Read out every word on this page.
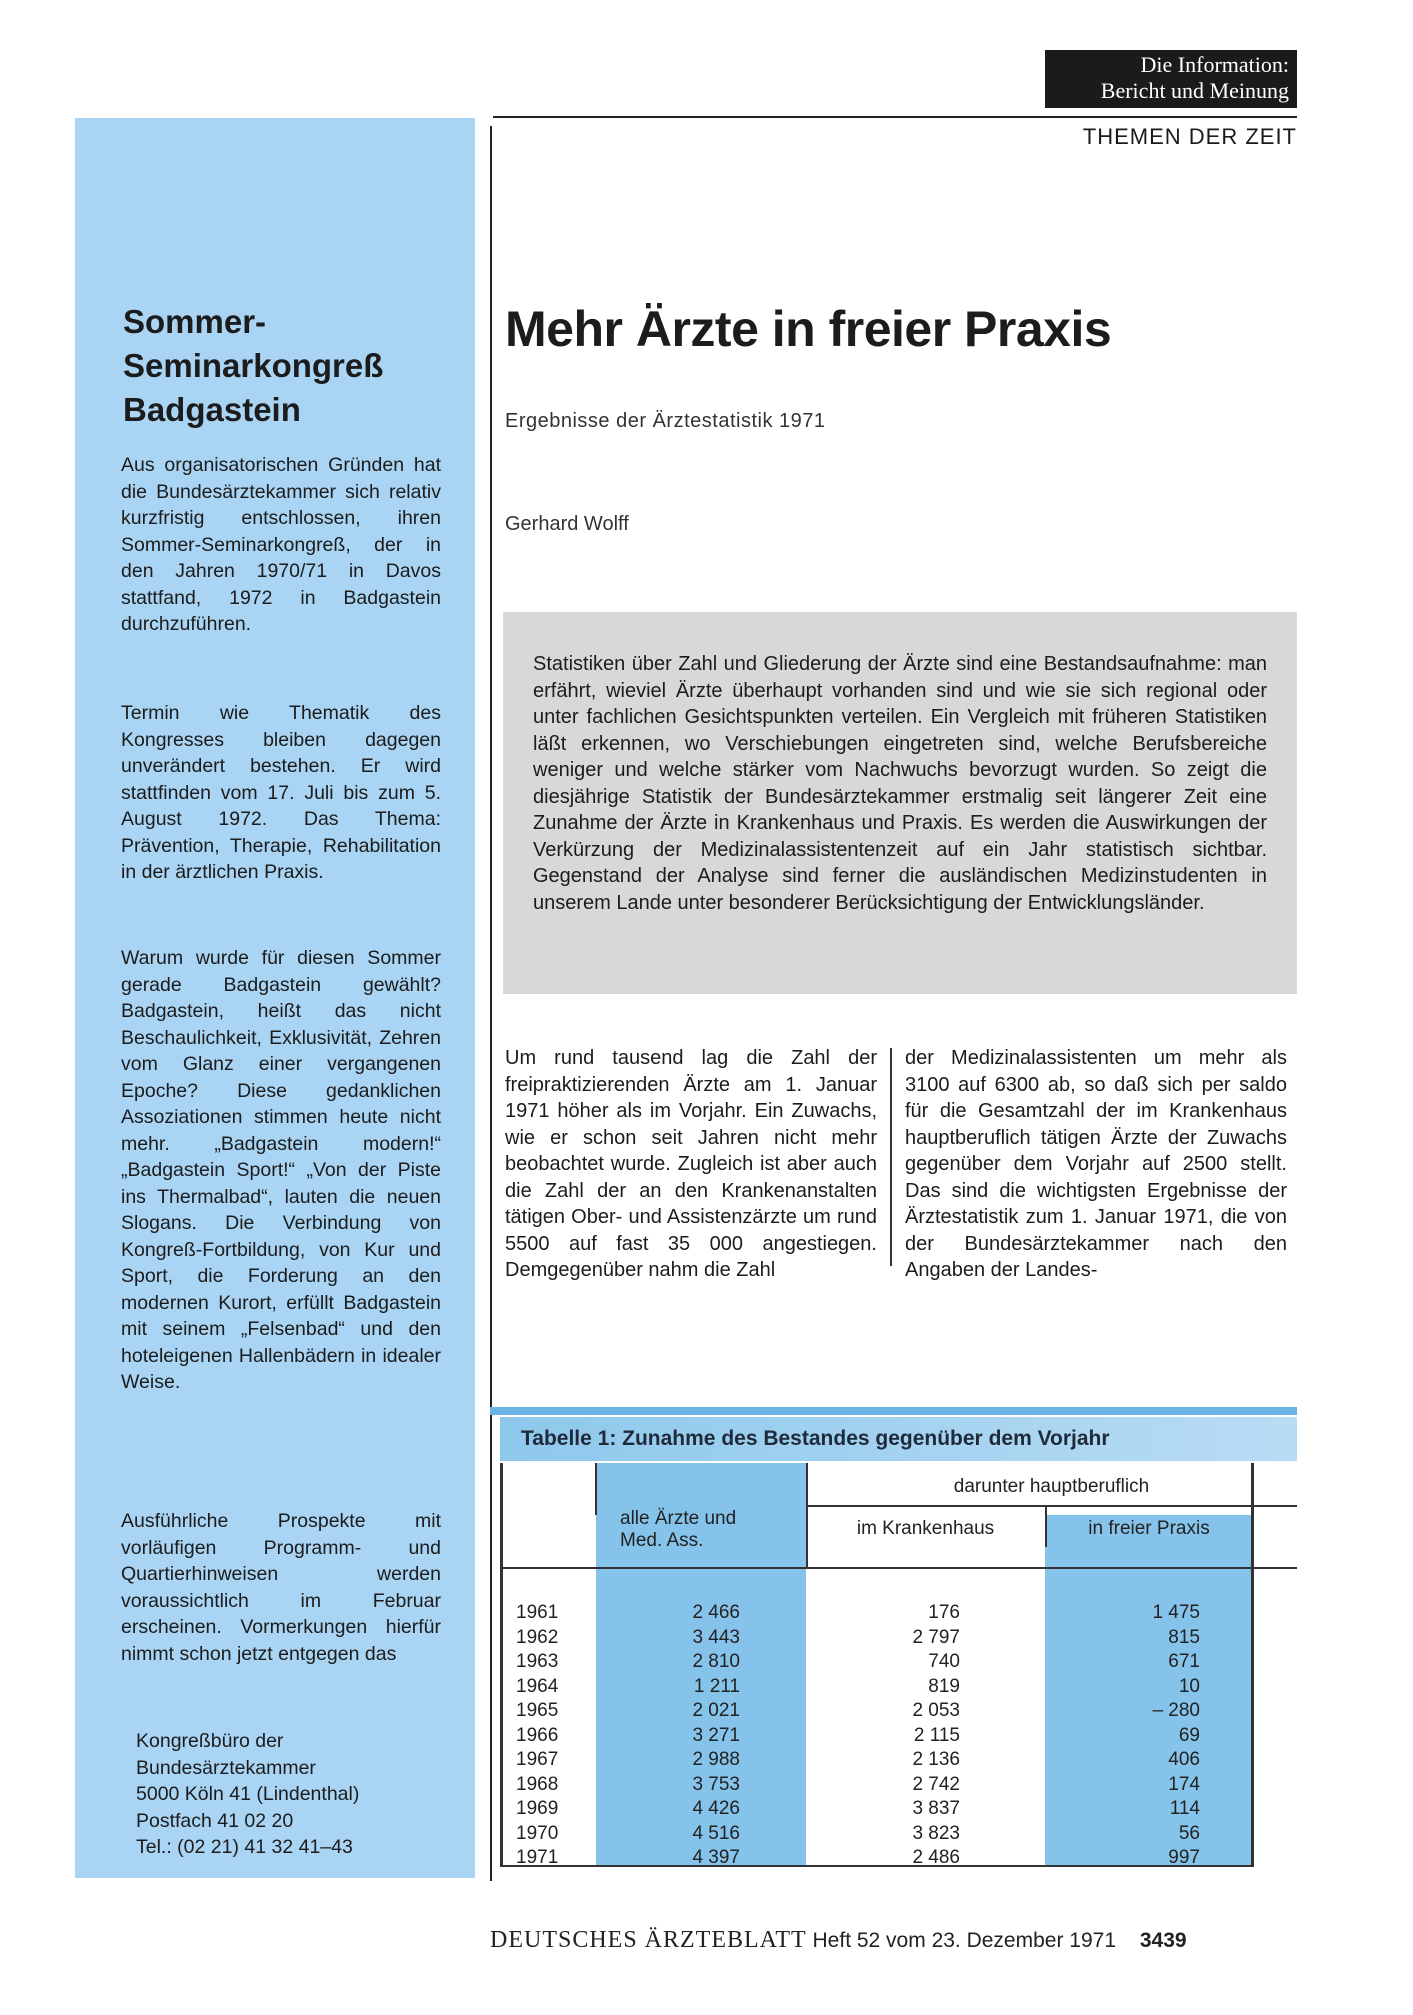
Die Information:
Bericht und Meinung
THEMEN DER ZEIT
Sommer-Seminarkongreß Badgastein
Aus organisatorischen Gründen hat die Bundesärztekammer sich relativ kurzfristig entschlossen, ihren Sommer-Seminarkongreß, der in den Jahren 1970/71 in Davos stattfand, 1972 in Badgastein durchzuführen.
Termin wie Thematik des Kongresses bleiben dagegen unverändert bestehen. Er wird stattfinden vom 17. Juli bis zum 5. August 1972. Das Thema: Prävention, Therapie, Rehabilitation in der ärztlichen Praxis.
Warum wurde für diesen Sommer gerade Badgastein gewählt? Badgastein, heißt das nicht Beschaulichkeit, Exklusivität, Zehren vom Glanz einer vergangenen Epoche? Diese gedanklichen Assoziationen stimmen heute nicht mehr. „Badgastein modern!“ „Badgastein Sport!“ „Von der Piste ins Thermalbad“, lauten die neuen Slogans. Die Verbindung von Kongreß-Fortbildung, von Kur und Sport, die Forderung an den modernen Kurort, erfüllt Badgastein mit seinem „Felsenbad“ und den hoteleigenen Hallenbädern in idealer Weise.
Ausführliche Prospekte mit vorläufigen Programm- und Quartierhinweisen werden voraussichtlich im Februar erscheinen. Vormerkungen hierfür nimmt schon jetzt entgegen das
Kongreßbüro der Bundesärztekammer
5000 Köln 41 (Lindenthal)
Postfach 41 02 20
Tel.: (02 21) 41 32 41–43
Mehr Ärzte in freier Praxis
Ergebnisse der Ärztestatistik 1971
Gerhard Wolff
Statistiken über Zahl und Gliederung der Ärzte sind eine Bestandsaufnahme: man erfährt, wieviel Ärzte überhaupt vorhanden sind und wie sie sich regional oder unter fachlichen Gesichtspunkten verteilen. Ein Vergleich mit früheren Statistiken läßt erkennen, wo Verschiebungen eingetreten sind, welche Berufsbereiche weniger und welche stärker vom Nachwuchs bevorzugt wurden. So zeigt die diesjährige Statistik der Bundesärztekammer erstmalig seit längerer Zeit eine Zunahme der Ärzte in Krankenhaus und Praxis. Es werden die Auswirkungen der Verkürzung der Medizinalassistentenzeit auf ein Jahr statistisch sichtbar. Gegenstand der Analyse sind ferner die ausländischen Medizinstudenten in unserem Lande unter besonderer Berücksichtigung der Entwicklungsländer.
Um rund tausend lag die Zahl der freipraktizierenden Ärzte am 1. Januar 1971 höher als im Vorjahr. Ein Zuwachs, wie er schon seit Jahren nicht mehr beobachtet wurde. Zugleich ist aber auch die Zahl der an den Krankenanstalten tätigen Ober- und Assistenzärzte um rund 5500 auf fast 35 000 angestiegen. Demgegenüber nahm die Zahl
der Medizinalassistenten um mehr als 3100 auf 6300 ab, so daß sich per saldo für die Gesamtzahl der im Krankenhaus hauptberuflich tätigen Ärzte der Zuwachs gegenüber dem Vorjahr auf 2500 stellt. Das sind die wichtigsten Ergebnisse der Ärztestatistik zum 1. Januar 1971, die von der Bundesärztekammer nach den Angaben der Landes-
Tabelle 1: Zunahme des Bestandes gegenüber dem Vorjahr
alle Ärzte und Med. Ass.
darunter hauptberuflich
im Krankenhaus	in freier Praxis
1961
1962
1963
1964
1965
1966
1967
1968
1969
1970
1971
2 466
3 443
2 810
1 211
2 021
3 271
2 988
3 753
4 426
4 516
4 397
176
2 797
740
819
2 053
2 115
2 136
2 742
3 837
3 823
2 486
1 475
815
671
10
– 280
69
406
174
114
56
997
DEUTSCHES ÄRZTEBLATT Heft 52 vom 23. Dezember 1971 3439
